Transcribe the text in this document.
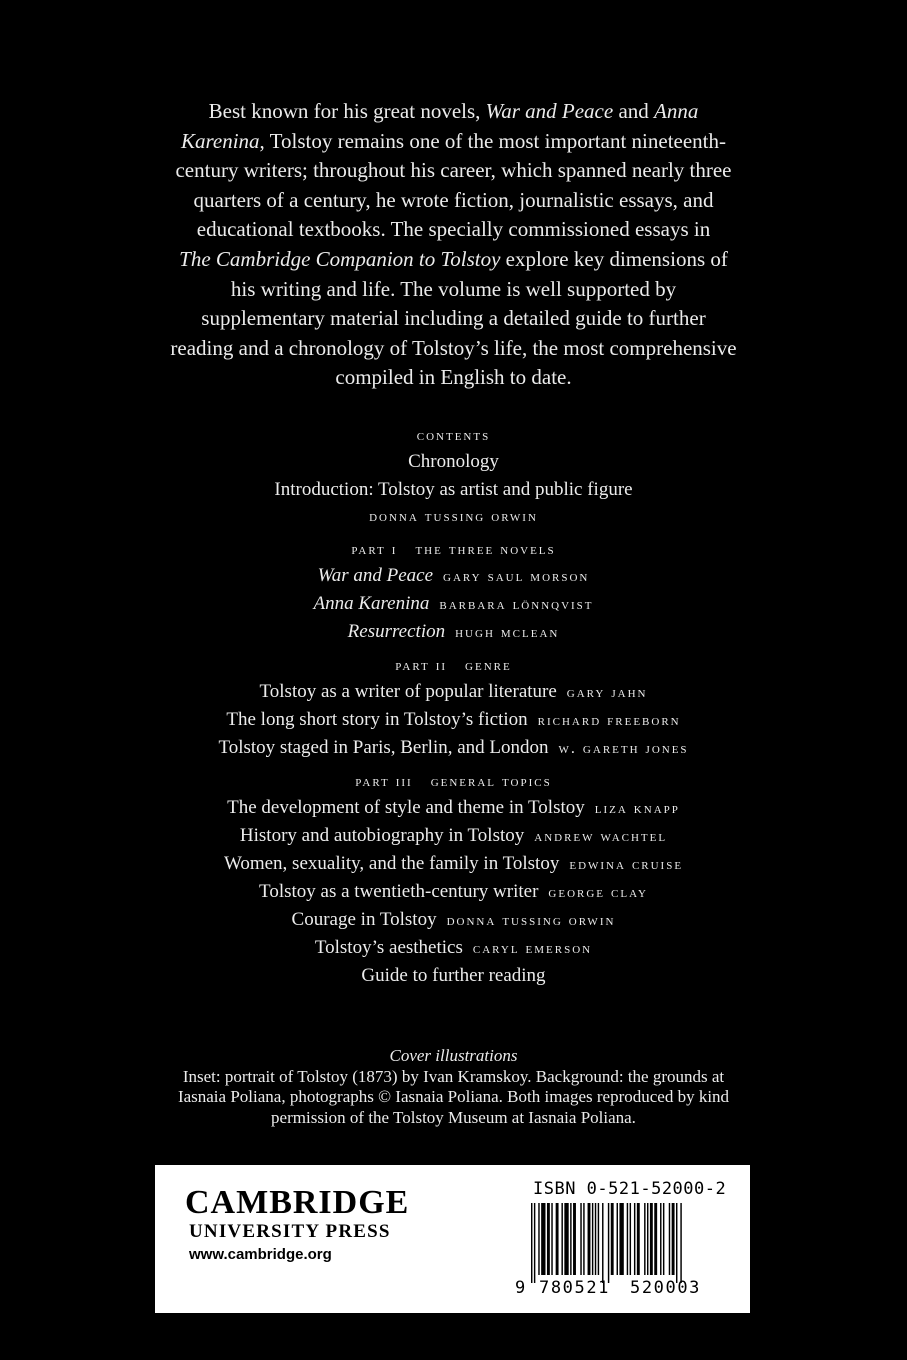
Best known for his great novels, War and Peace and Anna
Karenina, Tolstoy remains one of the most important nineteenth-
century writers; throughout his career, which spanned nearly three
quarters of a century, he wrote fiction, journalistic essays, and
educational textbooks. The specially commissioned essays in
The Cambridge Companion to Tolstoy explore key dimensions of
his writing and life. The volume is well supported by
supplementary material including a detailed guide to further
reading and a chronology of Tolstoy’s life, the most comprehensive
compiled in English to date.
contents
Chronology
Introduction: Tolstoy as artist and public figure
donna tussing orwin
part i   the three novels
War and Peace gary saul morson
Anna Karenina barbara lönnqvist
Resurrection hugh mclean
part ii   genre
Tolstoy as a writer of popular literature gary jahn
The long short story in Tolstoy’s fiction richard freeborn
Tolstoy staged in Paris, Berlin, and London w. gareth jones
part iii   general topics
The development of style and theme in Tolstoy liza knapp
History and autobiography in Tolstoy andrew wachtel
Women, sexuality, and the family in Tolstoy edwina cruise
Tolstoy as a twentieth-century writer george clay
Courage in Tolstoy donna tussing orwin
Tolstoy’s aesthetics caryl emerson
Guide to further reading
Cover illustrations
Inset: portrait of Tolstoy (1873) by Ivan Kramskoy. Background: the grounds at
Iasnaia Poliana, photographs © Iasnaia Poliana. Both images reproduced by kind
permission of the Tolstoy Museum at Iasnaia Poliana.
CAMBRIDGE
UNIVERSITY PRESS
www.cambridge.org
ISBN 0-521-52000-2
9 780521 520003
